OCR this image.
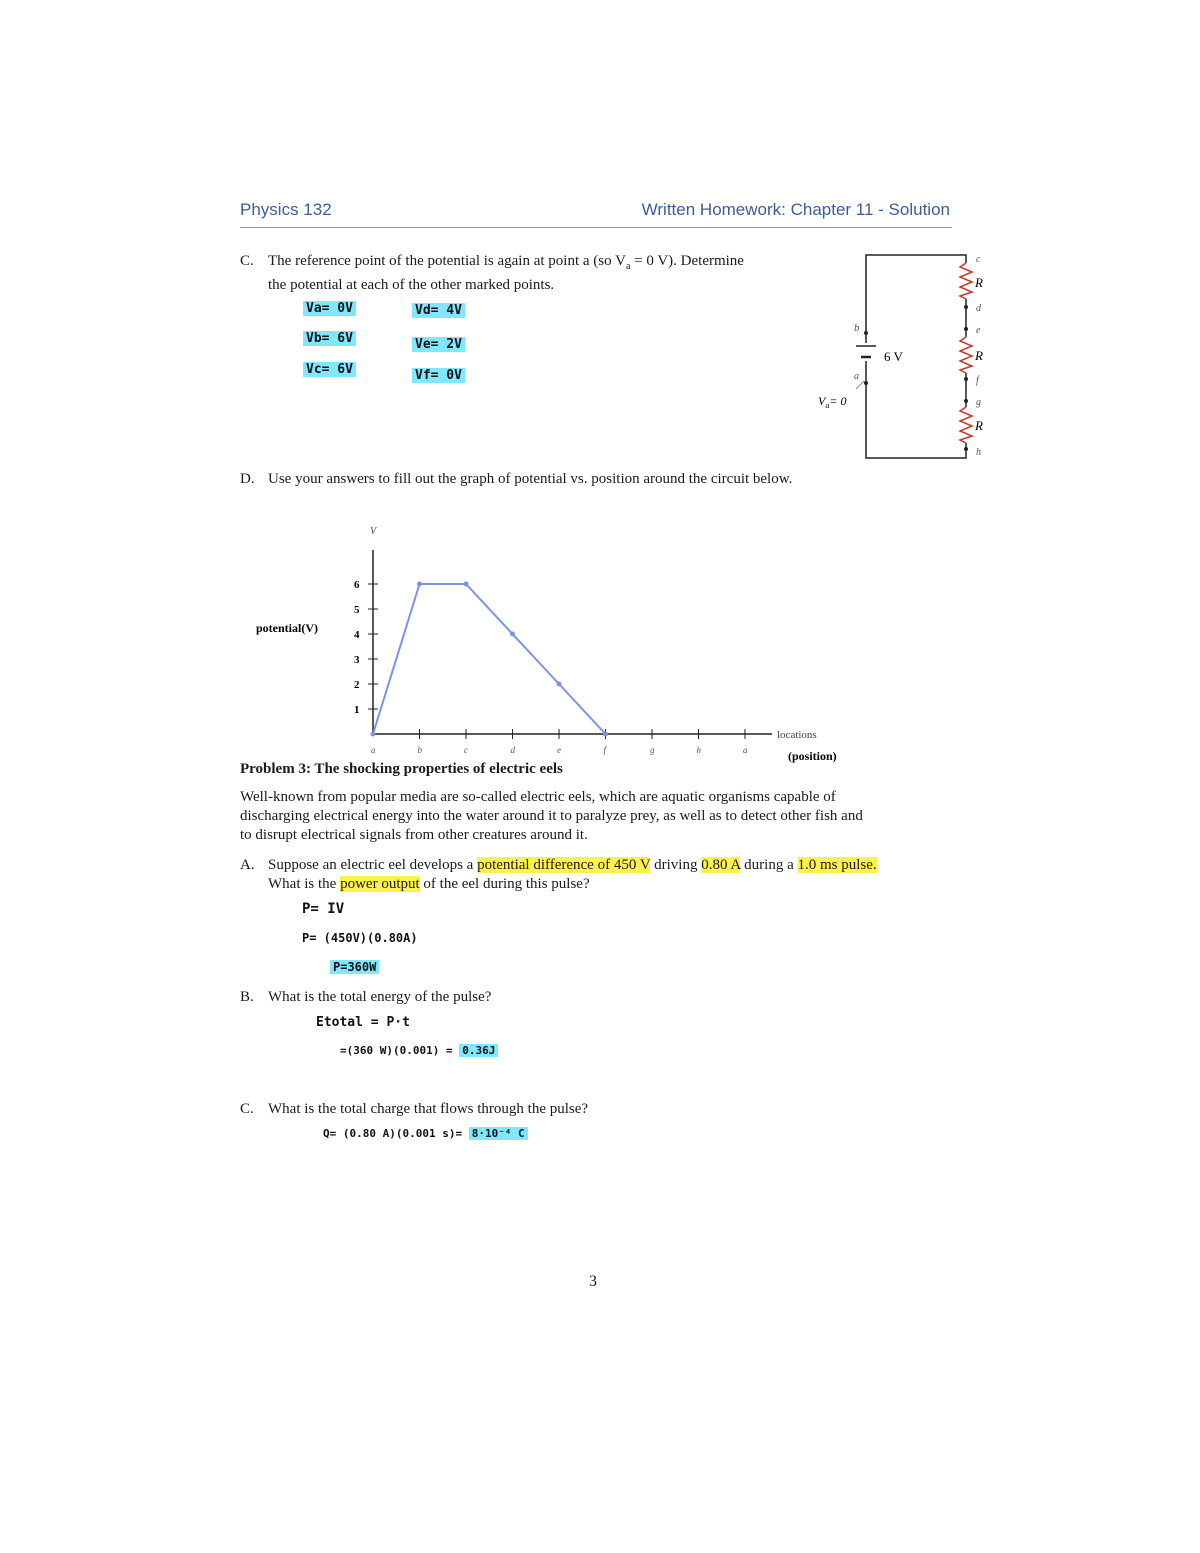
Physics 132	Written Homework: Chapter 11 - Solution
C. The reference point of the potential is again at point a (so $V_a = 0$ V). Determine
the potential at each of the other marked points.
Va= 0V
Vb= 6V
Vc= 6V
Vd= 4V
Ve= 2V
Vf= 0V
6 V
R
R
R
b
a
c
d
e
f
g
h
$V_a= 0$
D. Use your answers to fill out the graph of potential vs. position around the circuit below.
V
locations
potential(V)
(position)
1
2
3
4
5
6
a	b	c	d	e	f	g	h	a
Problem 3: The shocking properties of electric eels
Well-known from popular media are so-called electric eels, which are aquatic organisms capable of
discharging electrical energy into the water around it to paralyze prey, as well as to detect other fish and
to disrupt electrical signals from other creatures around it.
A. Suppose an electric eel develops a potential difference of 450 V driving 0.80 A during a 1.0 ms pulse.
What is the power output of the eel during this pulse?
P= IV
P= (450V)(0.80A)
P=360W
B. What is the total energy of the pulse?
Etotal = P·t
=(360 W)(0.001) = 0.36J
C. What is the total charge that flows through the pulse?
Q= (0.80 A)(0.001 s)= 8·10⁻⁴ C
3
